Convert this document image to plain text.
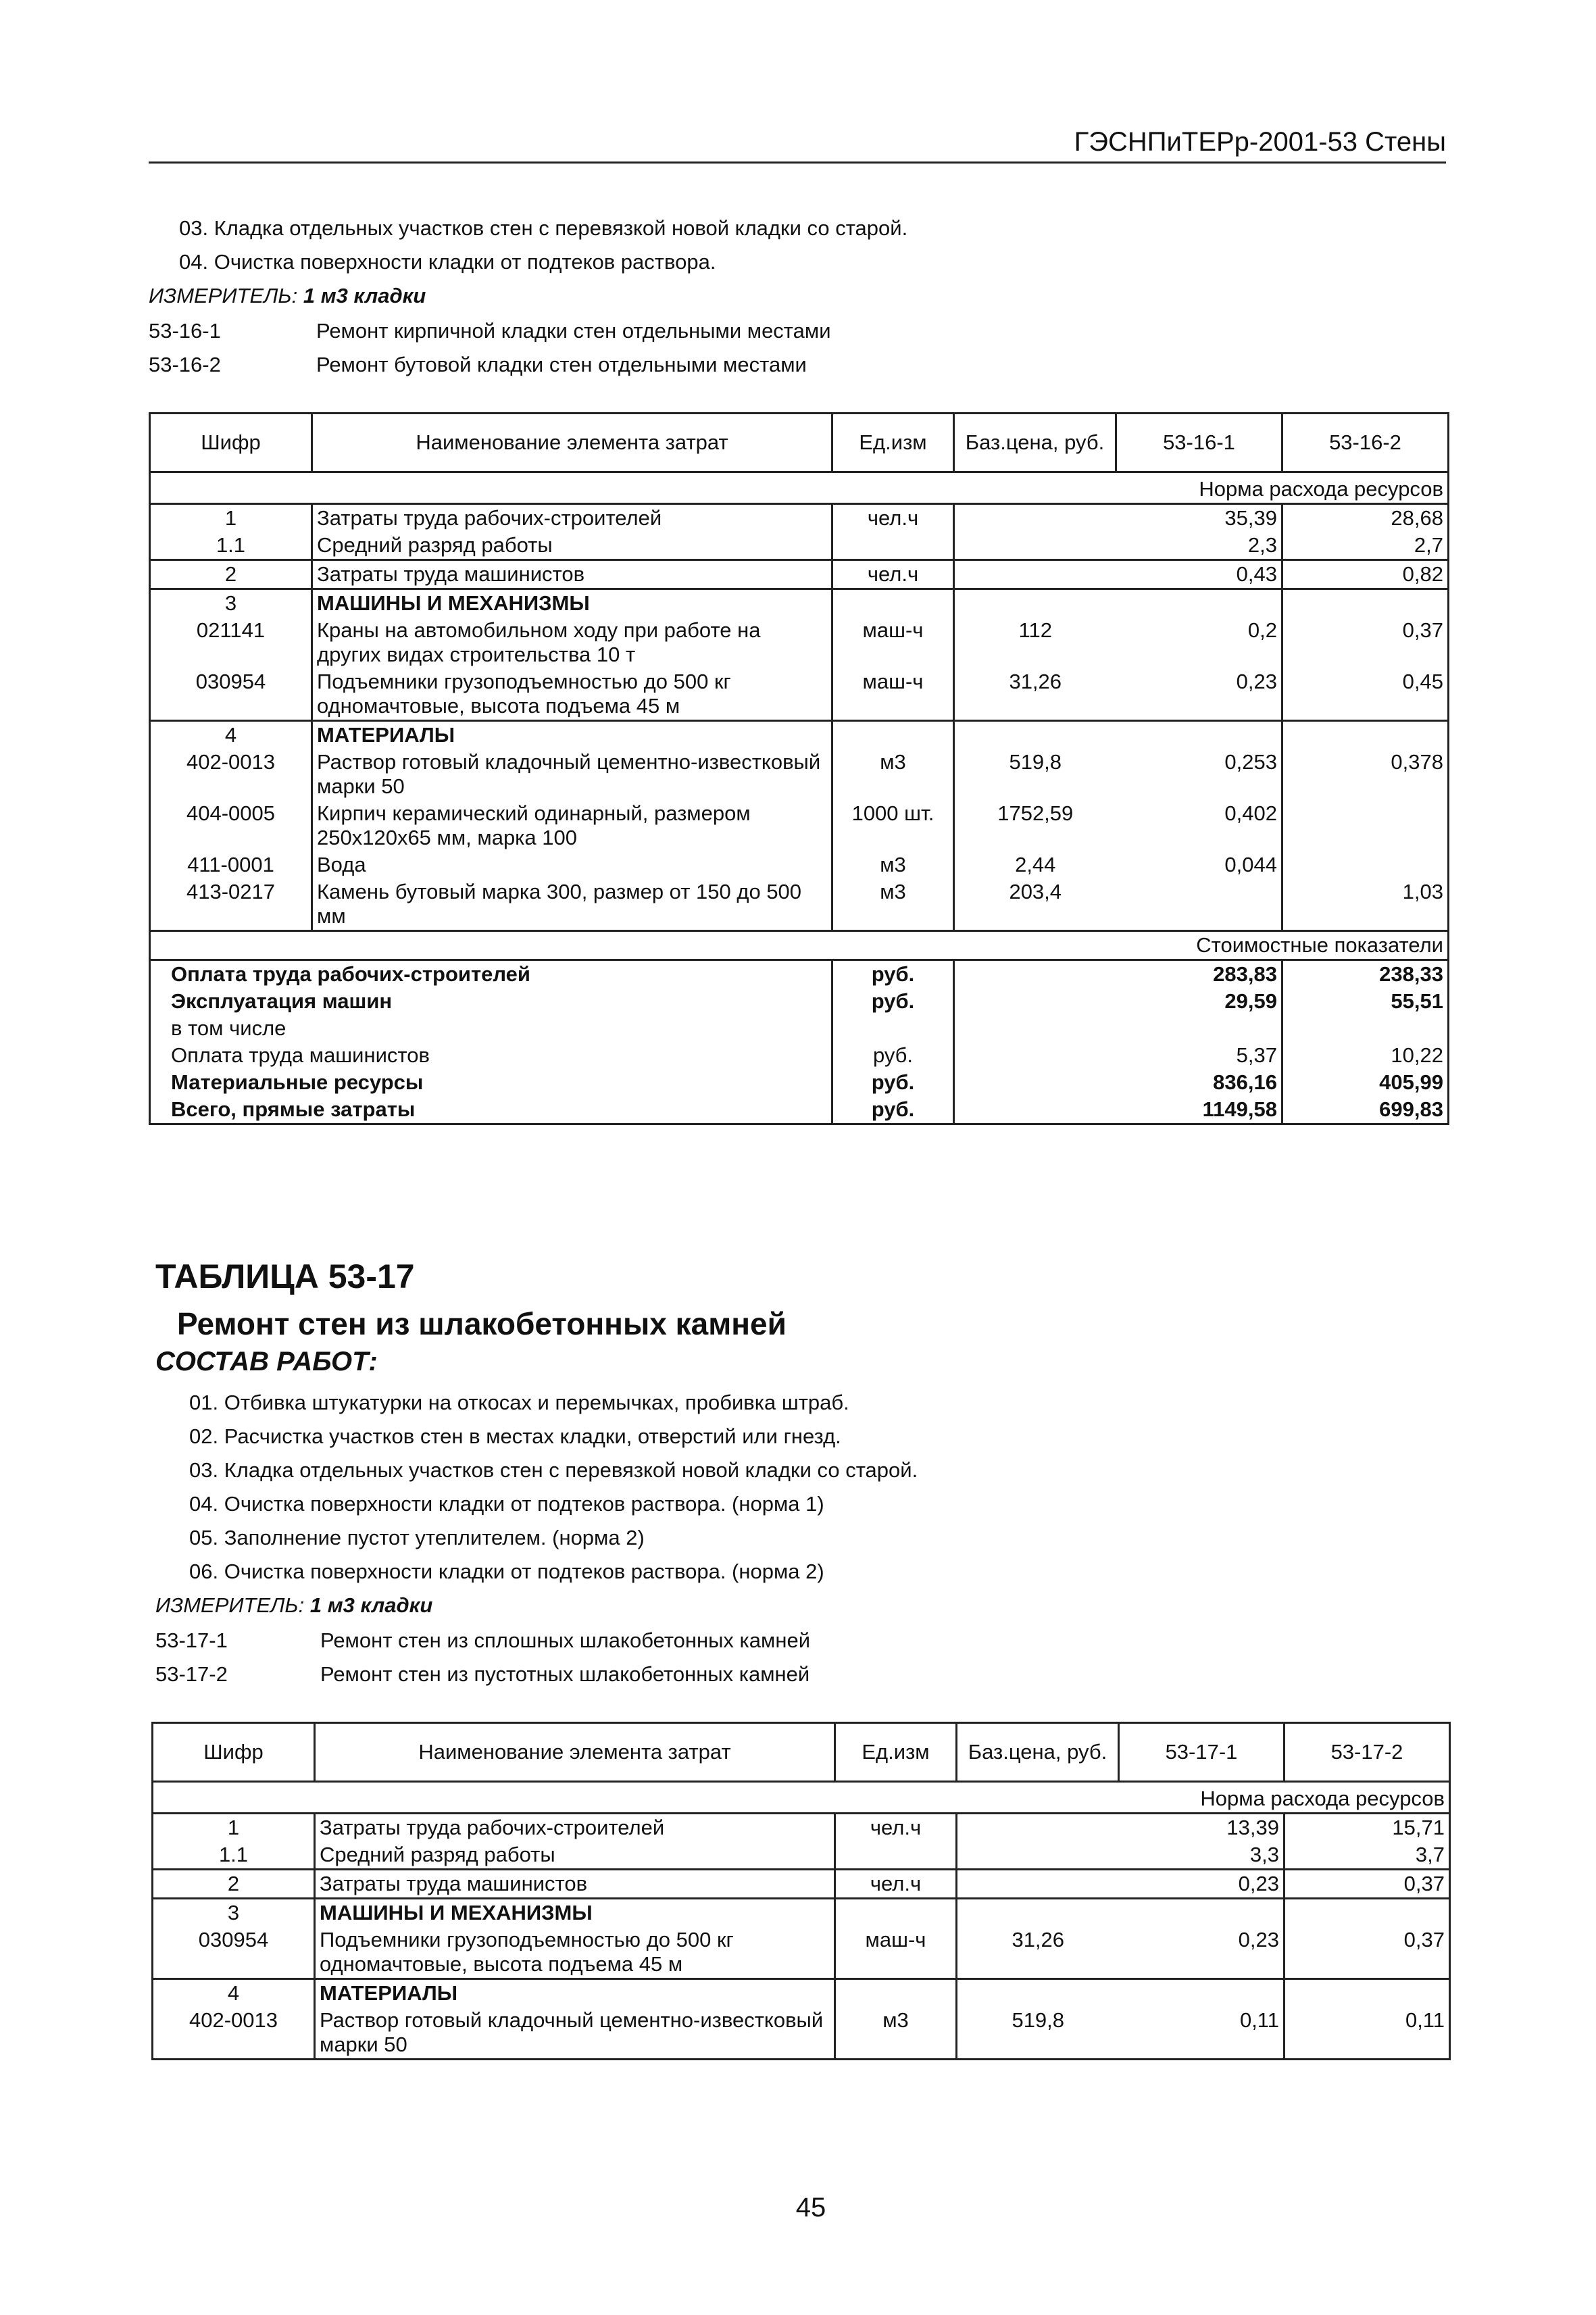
ГЭСНПиТЕРр-2001-53 Стены
03. Кладка отдельных участков стен с перевязкой новой кладки со старой.
04. Очистка поверхности кладки от подтеков раствора.
ИЗМЕРИТЕЛЬ: 1 м3 кладки
53-16-1	Ремонт кирпичной кладки стен отдельными местами
53-16-2	Ремонт бутовой кладки стен отдельными местами
Шифр	Наименование элемента затрат	Ед.изм	Баз.цена, руб.	53-16-1	53-16-2
Норма расхода ресурсов					
1	Затраты труда рабочих-строителей	чел.ч		35,39	28,68
1.1	Средний разряд работы			2,3	2,7
2	Затраты труда машинистов	чел.ч		0,43	0,82
3	МАШИНЫ И МЕХАНИЗМЫ				
021141	Краны на автомобильном ходу при работе на других видах строительства 10 т	маш-ч	112	0,2	0,37
030954	Подъемники грузоподъемностью до 500 кг одномачтовые, высота подъема 45 м	маш-ч	31,26	0,23	0,45
4	МАТЕРИАЛЫ				
402-0013	Раствор готовый кладочный цементно-известковый марки 50	м3	519,8	0,253	0,378
404-0005	Кирпич керамический одинарный, размером 250x120x65 мм, марка 100	1000 шт.	1752,59	0,402	
411-0001	Вода	м3	2,44	0,044	
413-0217	Камень бутовый марка 300, размер от 150 до 500 мм	м3	203,4		1,03
Стоимостные показатели					
Оплата труда рабочих-строителей		руб.		283,83	238,33
Эксплуатация машин		руб.		29,59	55,51
в том числе					
Оплата труда машинистов		руб.		5,37	10,22
Материальные ресурсы		руб.		836,16	405,99
Всего, прямые затраты		руб.		1149,58	699,83
ТАБЛИЦА 53-17
Ремонт стен из шлакобетонных камней
СОСТАВ РАБОТ:
01. Отбивка штукатурки на откосах и перемычках, пробивка штраб.
02. Расчистка участков стен в местах кладки, отверстий или гнезд.
03. Кладка отдельных участков стен с перевязкой новой кладки со старой.
04. Очистка поверхности кладки от подтеков раствора. (норма 1)
05. Заполнение пустот утеплителем. (норма 2)
06. Очистка поверхности кладки от подтеков раствора. (норма 2)
ИЗМЕРИТЕЛЬ: 1 м3 кладки
53-17-1	Ремонт стен из сплошных шлакобетонных камней
53-17-2	Ремонт стен из пустотных шлакобетонных камней
Шифр	Наименование элемента затрат	Ед.изм	Баз.цена, руб.	53-17-1	53-17-2
Норма расхода ресурсов					
1	Затраты труда рабочих-строителей	чел.ч		13,39	15,71
1.1	Средний разряд работы			3,3	3,7
2	Затраты труда машинистов	чел.ч		0,23	0,37
3	МАШИНЫ И МЕХАНИЗМЫ				
030954	Подъемники грузоподъемностью до 500 кг одномачтовые, высота подъема 45 м	маш-ч	31,26	0,23	0,37
4	МАТЕРИАЛЫ				
402-0013	Раствор готовый кладочный цементно-известковый марки 50	м3	519,8	0,11	0,11
45
